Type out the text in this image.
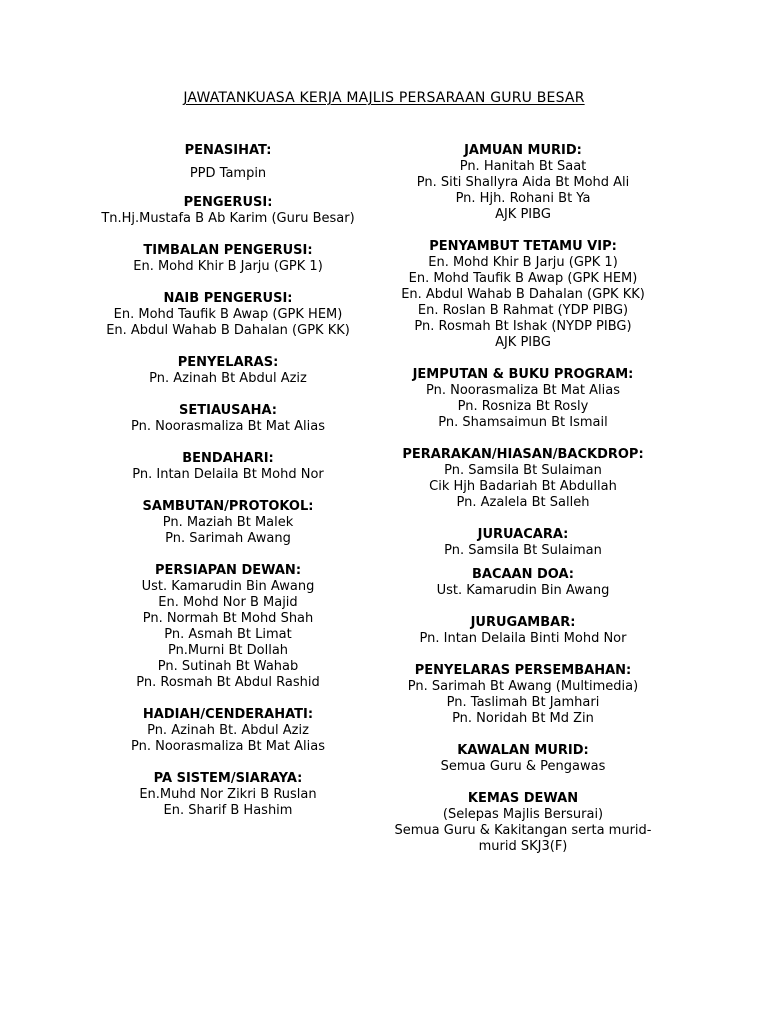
JAWATANKUASA KERJA MAJLIS PERSARAAN GURU BESAR
PENASIHAT:
PPD Tampin
PENGERUSI:
Tn.Hj.Mustafa B Ab Karim (Guru Besar)
TIMBALAN PENGERUSI:
En. Mohd Khir B Jarju (GPK 1)
NAIB PENGERUSI:
En. Mohd Taufik B Awap (GPK HEM)
En. Abdul Wahab B Dahalan (GPK KK)
PENYELARAS:
Pn. Azinah Bt Abdul Aziz
SETIAUSAHA:
Pn. Noorasmaliza Bt Mat Alias
BENDAHARI:
Pn. Intan Delaila Bt Mohd Nor
SAMBUTAN/PROTOKOL:
Pn. Maziah Bt Malek
Pn. Sarimah Awang
PERSIAPAN DEWAN:
Ust. Kamarudin Bin Awang
En. Mohd Nor B Majid
Pn. Normah Bt Mohd Shah
Pn. Asmah Bt Limat
Pn.Murni Bt Dollah
Pn. Sutinah Bt Wahab
Pn. Rosmah Bt Abdul Rashid
HADIAH/CENDERAHATI:
Pn. Azinah Bt. Abdul Aziz
Pn. Noorasmaliza Bt Mat Alias
PA SISTEM/SIARAYA:
En.Muhd Nor Zikri B Ruslan
En. Sharif B Hashim
JAMUAN MURID:
Pn. Hanitah Bt Saat
Pn. Siti Shallyra Aida Bt Mohd Ali
Pn. Hjh. Rohani Bt Ya
AJK PIBG
PENYAMBUT TETAMU VIP:
En. Mohd Khir B Jarju (GPK 1)
En. Mohd Taufik B Awap (GPK HEM)
En. Abdul Wahab B Dahalan (GPK KK)
En. Roslan B Rahmat (YDP PIBG)
Pn. Rosmah Bt Ishak (NYDP PIBG)
AJK PIBG
JEMPUTAN & BUKU PROGRAM:
Pn. Noorasmaliza Bt Mat Alias
Pn. Rosniza Bt Rosly
Pn. Shamsaimun Bt Ismail
PERARAKAN/HIASAN/BACKDROP:
Pn. Samsila Bt Sulaiman
Cik Hjh Badariah Bt Abdullah
Pn. Azalela Bt Salleh
JURUACARA:
Pn. Samsila Bt Sulaiman
BACAAN DOA:
Ust. Kamarudin Bin Awang
JURUGAMBAR:
Pn. Intan Delaila Binti Mohd Nor
PENYELARAS PERSEMBAHAN:
Pn. Sarimah Bt Awang (Multimedia)
Pn. Taslimah Bt Jamhari
Pn. Noridah Bt Md Zin
KAWALAN MURID:
Semua Guru & Pengawas
KEMAS DEWAN
(Selepas Majlis Bersurai)
Semua Guru & Kakitangan serta murid-murid SKJ3(F)
